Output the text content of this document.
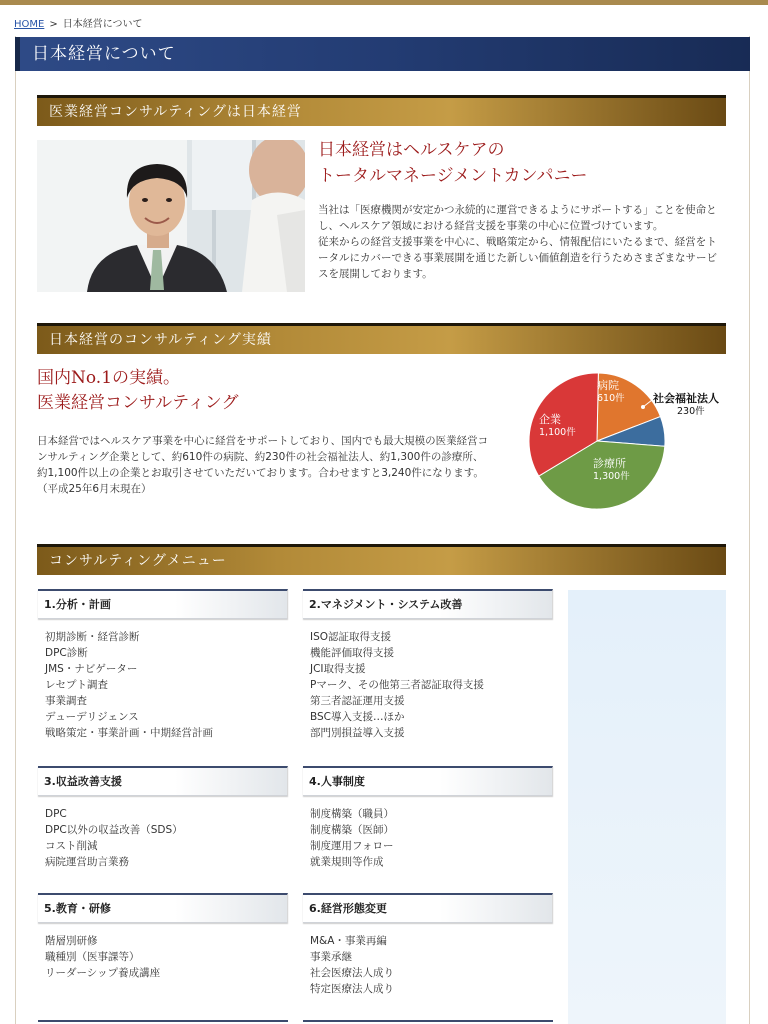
HOME > 日本経営について
日本経営について
医業経営コンサルティングは日本経営
日本経営はヘルスケアの
トータルマネージメントカンパニー

当社は「医療機関が安定かつ永続的に運営できるようにサポートする」ことを使命とし、ヘルスケア領域における経営支援を事業の中心に位置づけています。

従来からの経営支援事業を中心に、戦略策定から、情報配信にいたるまで、経営をトータルにカバーできる事業展開を通じた新しい価値創造を行うためさまざまなサービスを展開しております。

日本経営のコンサルティング実績
国内No.1の実績。
医業経営コンサルティング

日本経営ではヘルスケア事業を中心に経営をサポートしており、国内でも最大規模の医業経営コンサルティング企業として、約610件の病院、約230件の社会福祉法人、約1,300件の診療所、約1,100件以上の企業とお取引させていただいております。合わせますと3,240件になります。（平成25年6月末現在）

病院
610件	社会福祉法人
230件
診療所
1,300件
企業
1,100件
コンサルティングメニュー
1.分析・計画
初期診断・経営診断
DPC診断
JMS・ナビゲーター
レセプト調査
事業調査
デューデリジェンス
戦略策定・事業計画・中期経営計画
2.マネジメント・システム改善
ISO認証取得支援
機能評価取得支援
JCI取得支援
Pマーク、その他第三者認証取得支援
第三者認証運用支援
BSC導入支援…ほか
部門別損益導入支援
3.収益改善支援
DPC
DPC以外の収益改善（SDS）
コスト削減
病院運営助言業務
4.人事制度
制度構築（職員）
制度構築（医師）
制度運用フォロー
就業規則等作成
5.教育・研修
階層別研修
職種別（医事課等）
リーダーシップ養成講座
6.経営形態変更
M&A・事業再編
事業承継
社会医療法人成り
特定医療法人成り
